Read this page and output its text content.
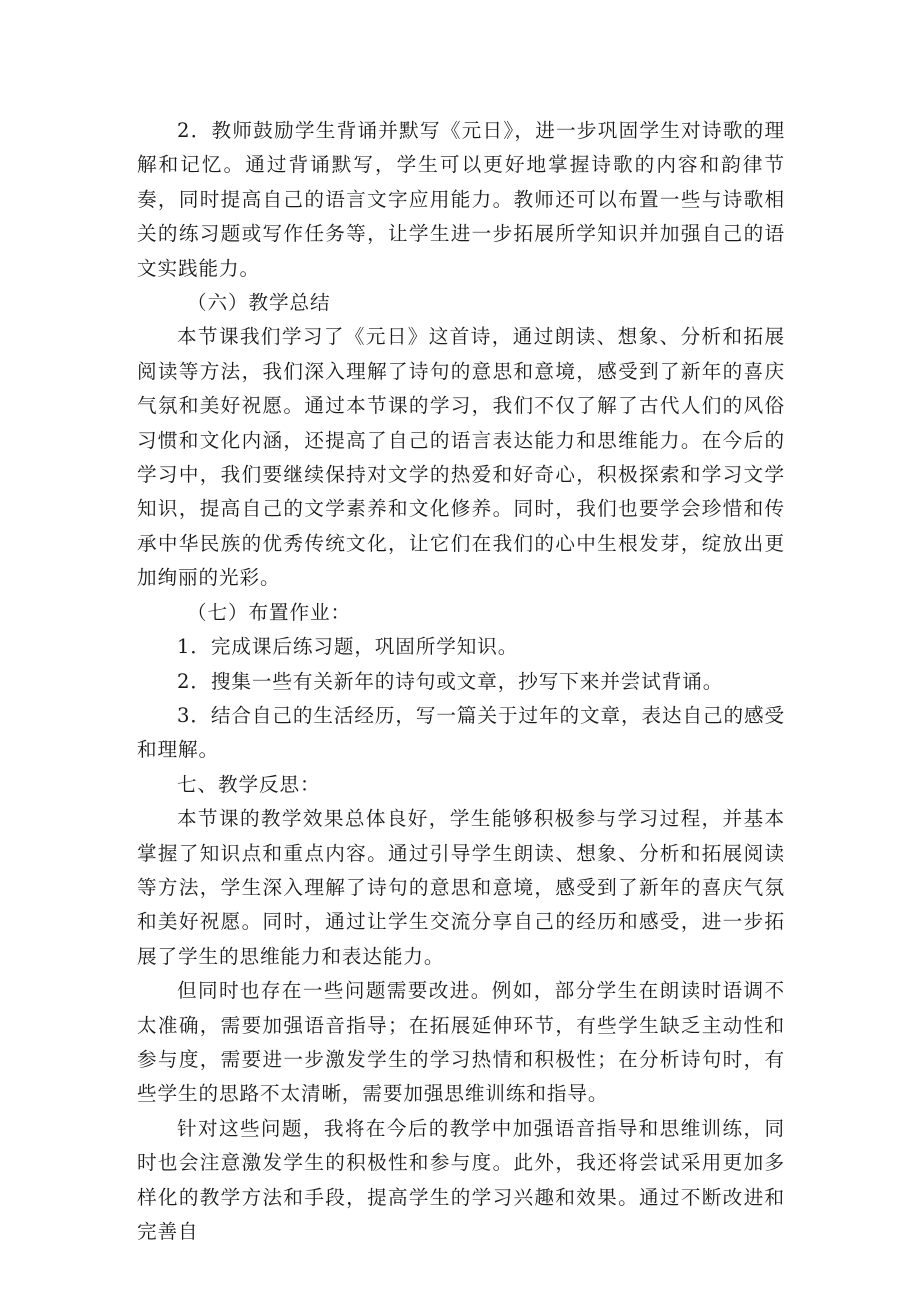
2．教师鼓励学生背诵并默写《元日》，进一步巩固学生对诗歌的理解和记忆。通过背诵默写，学生可以更好地掌握诗歌的内容和韵律节奏，同时提高自己的语言文字应用能力。教师还可以布置一些与诗歌相关的练习题或写作任务等，让学生进一步拓展所学知识并加强自己的语文实践能力。

（六）教学总结

本节课我们学习了《元日》这首诗，通过朗读、想象、分析和拓展阅读等方法，我们深入理解了诗句的意思和意境，感受到了新年的喜庆气氛和美好祝愿。通过本节课的学习，我们不仅了解了古代人们的风俗习惯和文化内涵，还提高了自己的语言表达能力和思维能力。在今后的学习中，我们要继续保持对文学的热爱和好奇心，积极探索和学习文学知识，提高自己的文学素养和文化修养。同时，我们也要学会珍惜和传承中华民族的优秀传统文化，让它们在我们的心中生根发芽，绽放出更加绚丽的光彩。

（七）布置作业：

1．完成课后练习题，巩固所学知识。

2．搜集一些有关新年的诗句或文章，抄写下来并尝试背诵。

3．结合自己的生活经历，写一篇关于过年的文章，表达自己的感受和理解。

七、教学反思：

本节课的教学效果总体良好，学生能够积极参与学习过程，并基本掌握了知识点和重点内容。通过引导学生朗读、想象、分析和拓展阅读等方法，学生深入理解了诗句的意思和意境，感受到了新年的喜庆气氛和美好祝愿。同时，通过让学生交流分享自己的经历和感受，进一步拓展了学生的思维能力和表达能力。

但同时也存在一些问题需要改进。例如，部分学生在朗读时语调不太准确，需要加强语音指导；在拓展延伸环节，有些学生缺乏主动性和参与度，需要进一步激发学生的学习热情和积极性；在分析诗句时，有些学生的思路不太清晰，需要加强思维训练和指导。

针对这些问题，我将在今后的教学中加强语音指导和思维训练，同时也会注意激发学生的积极性和参与度。此外，我还将尝试采用更加多样化的教学方法和手段，提高学生的学习兴趣和效果。通过不断改进和完善自
